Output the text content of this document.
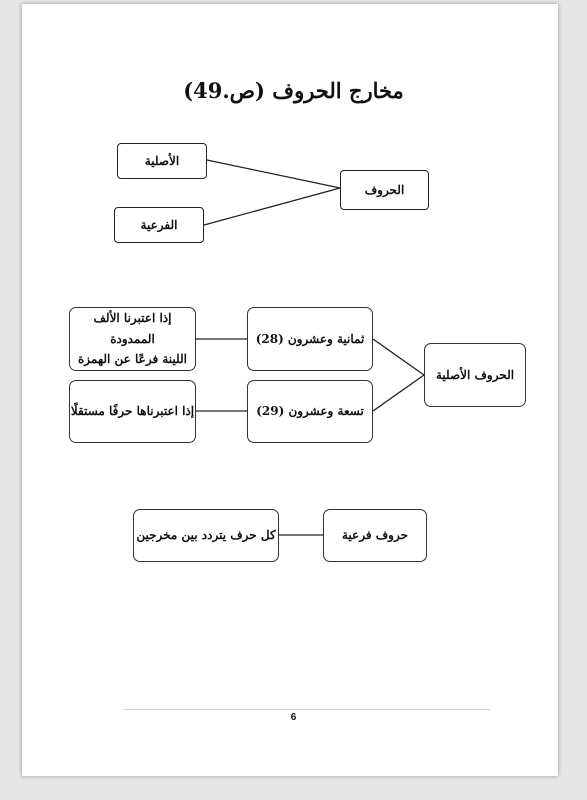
مخارج الحروف (ص.49)
الحروف
الأصلية
الفرعية
الحروف الأصلية
ثمانية وعشرون (28)
تسعة وعشرون (29)
إذا اعتبرنا الألف الممدودة
اللينة فرعًا عن الهمزة
إذا اعتبرناها حرفًا مستقلًا
حروف فرعية
كل حرف يتردد بين مخرجين
6
